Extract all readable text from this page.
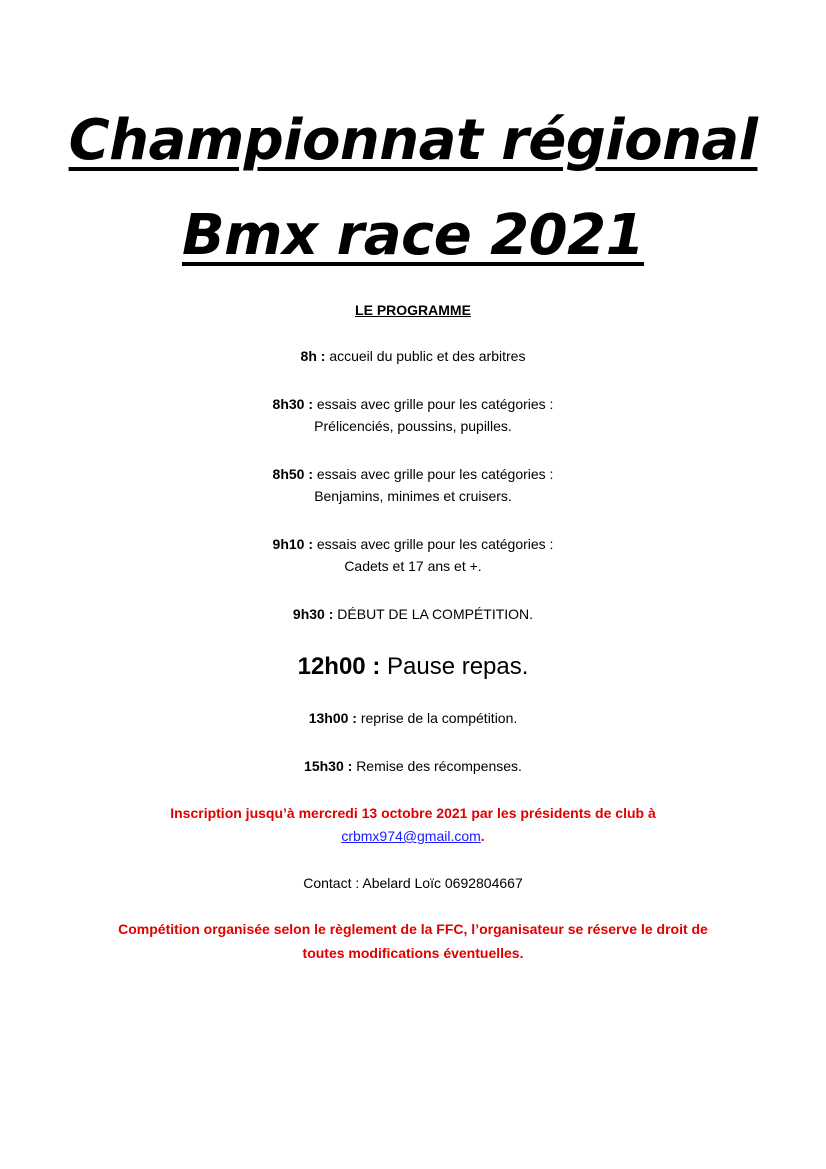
Championnat régional
Bmx race 2021
LE PROGRAMME
8h : accueil du public et des arbitres
8h30 : essais avec grille pour les catégories :
Prélicenciés, poussins, pupilles.
8h50 : essais avec grille pour les catégories :
Benjamins, minimes et cruisers.
9h10 : essais avec grille pour les catégories :
Cadets et 17 ans et +.
9h30 : DÉBUT DE LA COMPÉTITION.
12h00 : Pause repas.
13h00 : reprise de la compétition.
15h30 : Remise des récompenses.
Inscription jusqu’à mercredi 13 octobre 2021 par les présidents de club à
crbmx974@gmail.com.
Contact : Abelard Loïc 0692804667
Compétition organisée selon le règlement de la FFC, l’organisateur se réserve le droit de
toutes modifications éventuelles.
